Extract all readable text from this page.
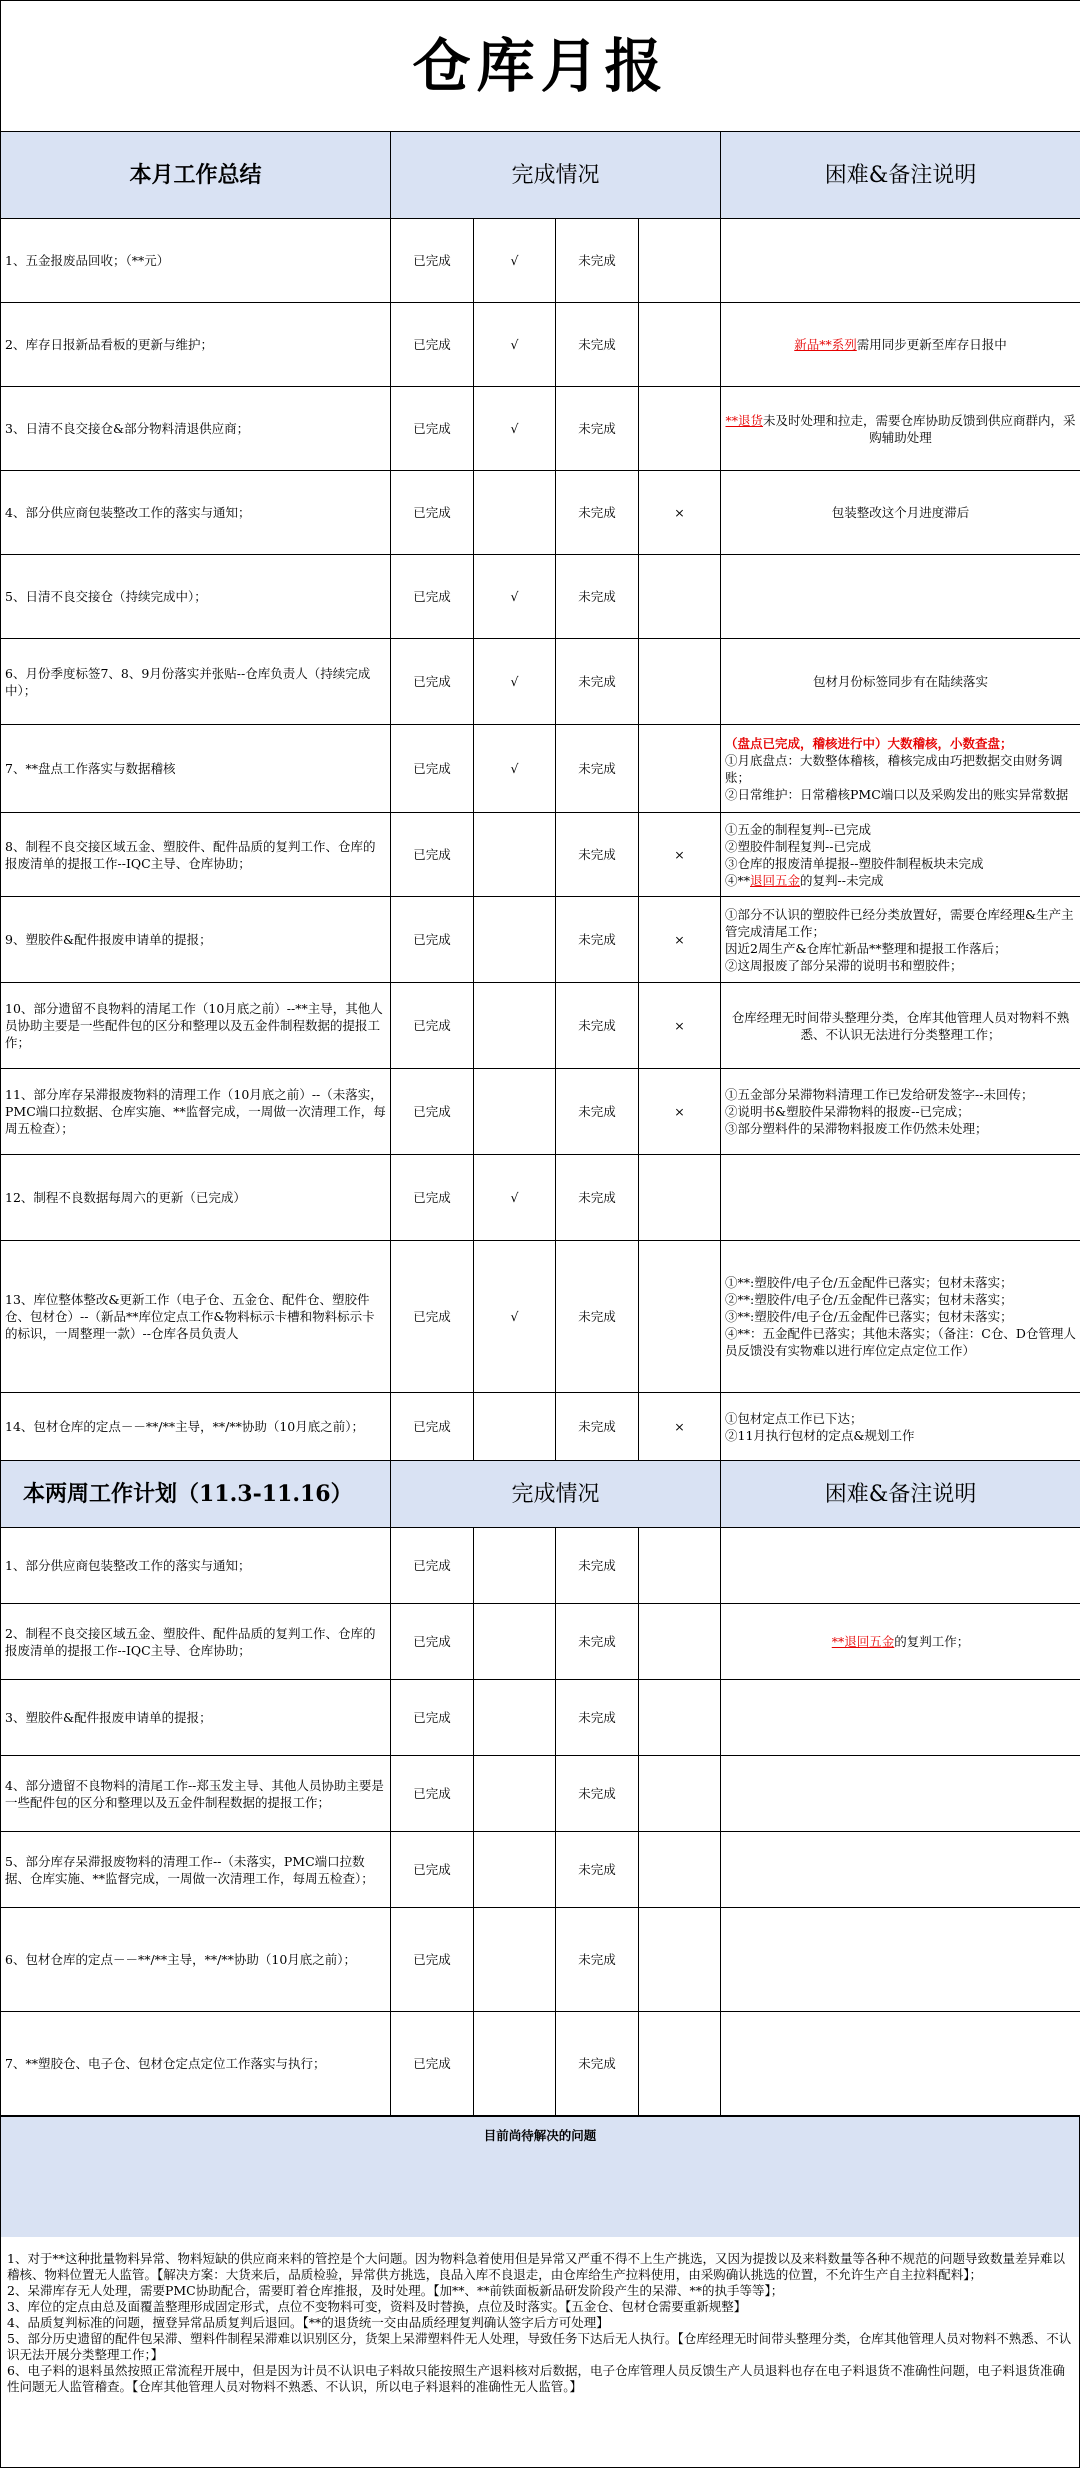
仓库月报					
本月工作总结	完成情况				困难&备注说明
1、五金报废品回收；（**元）	已完成	√	未完成		
2、库存日报新品看板的更新与维护；	已完成	√	未完成		新品**系列需用同步更新至库存日报中
3、日清不良交接仓&部分物料清退供应商；	已完成	√	未完成		**退货未及时处理和拉走，需要仓库协助反馈到供应商群内，采购辅助处理
4、部分供应商包装整改工作的落实与通知；	已完成		未完成	×	包装整改这个月进度滞后
5、日清不良交接仓（持续完成中）；	已完成	√	未完成		
6、月份季度标签7、8、9月份落实并张贴--仓库负责人（持续完成中）；	已完成	√	未完成		包材月份标签同步有在陆续落实
7、**盘点工作落实与数据稽核	已完成	√	未完成		（盘点已完成，稽核进行中）大数稽核，小数查盘；
①月底盘点：大数整体稽核，稽核完成由巧把数据交由财务调账；
②日常维护：日常稽核PMC端口以及采购发出的账实异常数据

8、制程不良交接区域五金、塑胶件、配件品质的复判工作、仓库的报废清单的提报工作--IQC主导、仓库协助；	已完成		未完成	×	①五金的制程复判--已完成
②塑胶件制程复判--已完成
③仓库的报废清单提报--塑胶件制程板块未完成
④**退回五金的复判--未完成

9、塑胶件&配件报废申请单的提报；	已完成		未完成	×	①部分不认识的塑胶件已经分类放置好，需要仓库经理&生产主管完成清尾工作；
因近2周生产&仓库忙新品**整理和提报工作落后；
②这周报废了部分呆滞的说明书和塑胶件；

10、部分遗留不良物料的清尾工作（10月底之前）--**主导，其他人员协助主要是一些配件包的区分和整理以及五金件制程数据的提报工作；	已完成		未完成	×	仓库经理无时间带头整理分类，仓库其他管理人员对物料不熟悉、不认识无法进行分类整理工作；
11、部分库存呆滞报废物料的清理工作（10月底之前）--（未落实，PMC端口拉数据、仓库实施、**监督完成，一周做一次清理工作，每周五检查）；	已完成		未完成	×	①五金部分呆滞物料清理工作已发给研发签字--未回传；
②说明书&塑胶件呆滞物料的报废--已完成；
③部分塑料件的呆滞物料报废工作仍然未处理；

12、制程不良数据每周六的更新（已完成）	已完成	√	未完成		
13、库位整体整改&更新工作（电子仓、五金仓、配件仓、塑胶件仓、包材仓）--（新品**库位定点工作&物料标示卡槽和物料标示卡的标识，一周整理一款）--仓库各员负责人	已完成	√	未完成		①**:塑胶件/电子仓/五金配件已落实；包材未落实；
②**:塑胶件/电子仓/五金配件已落实；包材未落实；
③**:塑胶件/电子仓/五金配件已落实；包材未落实；
④**：五金配件已落实；其他未落实；（备注：C仓、D仓管理人员反馈没有实物难以进行库位定点定位工作）

14、包材仓库的定点－－**/**主导，**/**协助（10月底之前）；	已完成		未完成	×	①包材定点工作已下达；
②11月执行包材的定点&规划工作

本两周工作计划（11.3-11.16）	完成情况				困难&备注说明
1、部分供应商包装整改工作的落实与通知；	已完成		未完成		
2、制程不良交接区域五金、塑胶件、配件品质的复判工作、仓库的报废清单的提报工作--IQC主导、仓库协助；	已完成		未完成		**退回五金的复判工作；
3、塑胶件&配件报废申请单的提报；	已完成		未完成		
4、部分遗留不良物料的清尾工作--郑玉发主导、其他人员协助主要是一些配件包的区分和整理以及五金件制程数据的提报工作；	已完成		未完成		
5、部分库存呆滞报废物料的清理工作--（未落实，PMC端口拉数据、仓库实施、**监督完成，一周做一次清理工作，每周五检查）；	已完成		未完成		
6、包材仓库的定点－－**/**主导，**/**协助（10月底之前）；	已完成		未完成		
7、**塑胶仓、电子仓、包材仓定点定位工作落实与执行；	已完成		未完成		
目前尚待解决的问题
1、对于**这种批量物料异常、物料短缺的供应商来料的管控是个大问题。因为物料急着使用但是异常又严重不得不上生产挑选，又因为提拨以及来料数量等各种不规范的问题导致数量差异难以稽核、物料位置无人监管。【解决方案：大货来后，品质检验，异常供方挑选，良品入库不良退走，由仓库给生产拉料使用，由采购确认挑选的位置，不允许生产自主拉料配料】；
2、呆滞库存无人处理，需要PMC协助配合，需要盯着仓库推报，及时处理。【加**、**前铁面板新品研发阶段产生的呆滞、**的执手等等】；
3、库位的定点由总及面覆盖整理形成固定形式，点位不变物料可变，资料及时替换，点位及时落实。【五金仓、包材仓需要重新规整】
4、品质复判标准的问题，擅登异常品质复判后退回。【**的退货统一交由品质经理复判确认签字后方可处理】
5、部分历史遗留的配件包呆滞、塑料件制程呆滞难以识别区分，货架上呆滞塑料件无人处理，导致任务下达后无人执行。【仓库经理无时间带头整理分类，仓库其他管理人员对物料不熟悉、不认识无法开展分类整理工作；】
6、电子料的退料虽然按照正常流程开展中，但是因为计员不认识电子料故只能按照生产退料核对后数据，电子仓库管理人员反馈生产人员退料也存在电子料退货不准确性问题，电子料退货准确性问题无人监管稽查。【仓库其他管理人员对物料不熟悉、不认识，所以电子料退料的准确性无人监管。】
